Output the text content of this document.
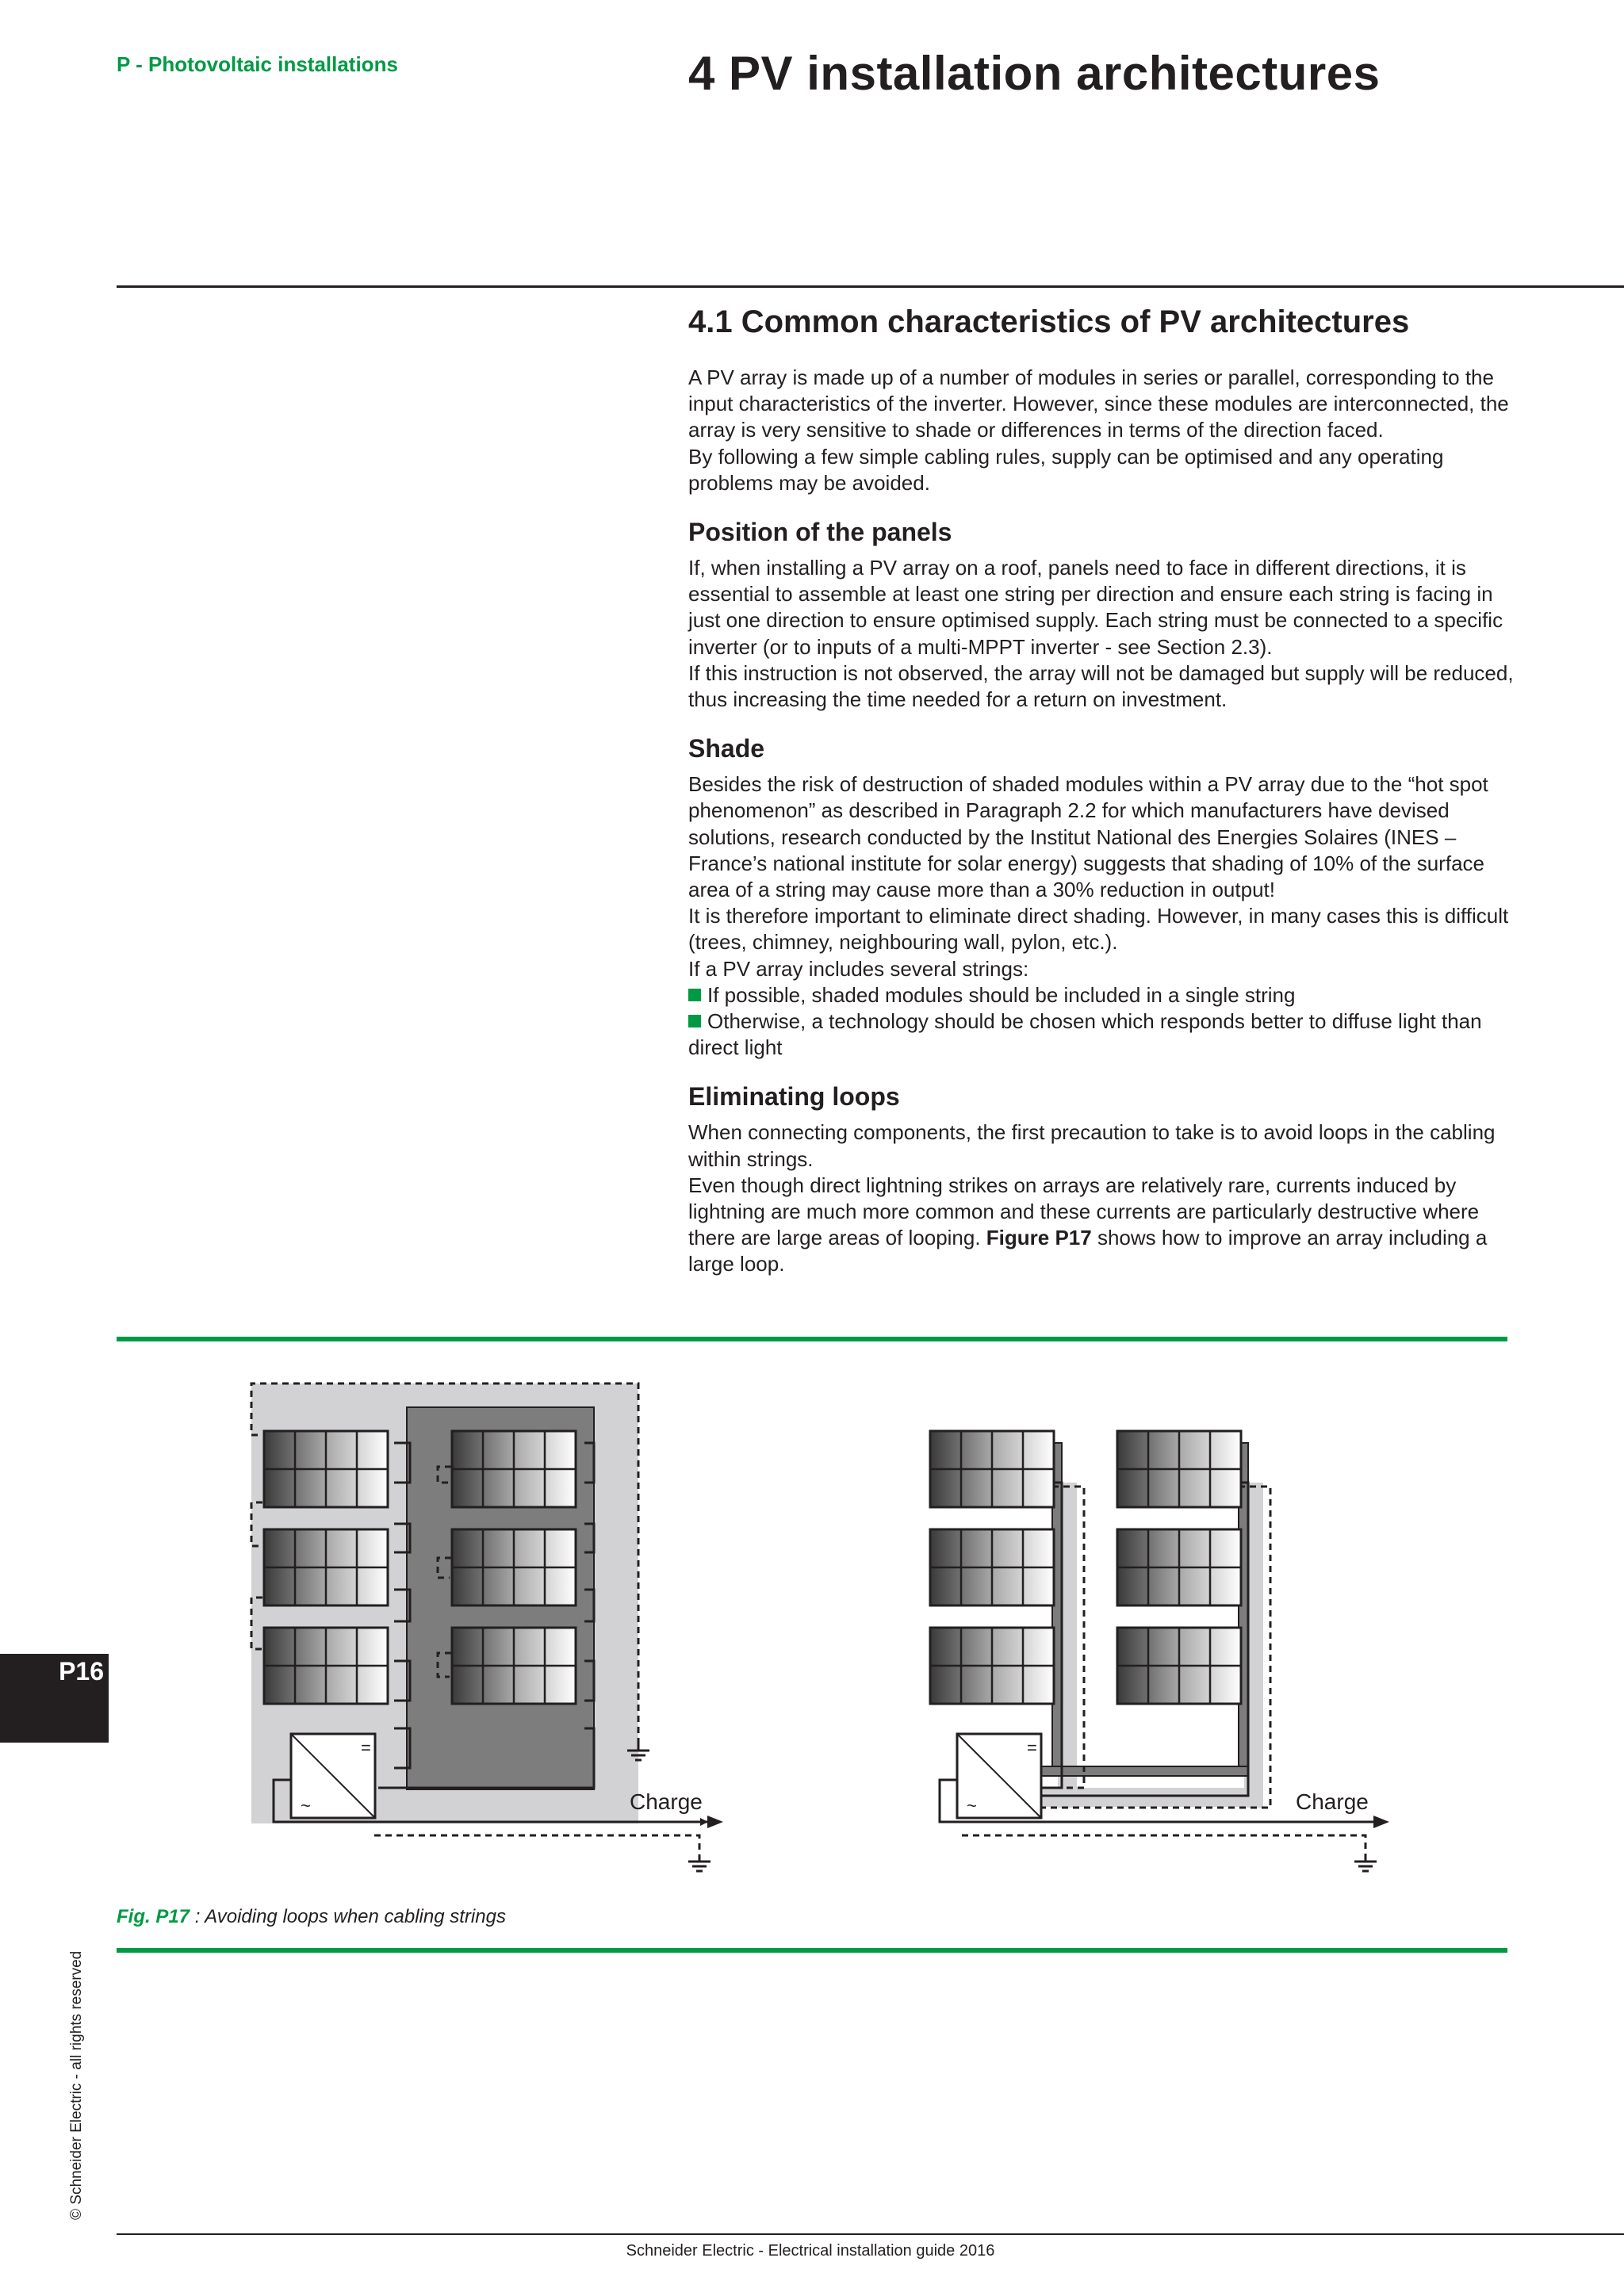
P - Photovoltaic installations	4 PV installation architectures
4.1 Common characteristics of PV architectures

A PV array is made up of a number of modules in series or parallel, corresponding to the input characteristics of the inverter. However, since these modules are interconnected, the array is very sensitive to shade or differences in terms of the direction faced.

By following a few simple cabling rules, supply can be optimised and any operating problems may be avoided.

Position of the panels

If, when installing a PV array on a roof, panels need to face in different directions, it is essential to assemble at least one string per direction and ensure each string is facing in just one direction to ensure optimised supply. Each string must be connected to a specific inverter (or to inputs of a multi-MPPT inverter - see Section 2.3).

If this instruction is not observed, the array will not be damaged but supply will be reduced, thus increasing the time needed for a return on investment.

Shade

Besides the risk of destruction of shaded modules within a PV array due to the “hot spot phenomenon” as described in Paragraph 2.2 for which manufacturers have devised solutions, research conducted by the Institut National des Energies Solaires (INES – France’s national institute for solar energy) suggests that shading of 10% of the surface area of a string may cause more than a 30% reduction in output!

It is therefore important to eliminate direct shading. However, in many cases this is difficult (trees, chimney, neighbouring wall, pylon, etc.).

If a PV array includes several strings:

If possible, shaded modules should be included in a single string

Otherwise, a technology should be chosen which responds better to diffuse light than direct light

Eliminating loops

When connecting components, the first precaution to take is to avoid loops in the cabling within strings.

Even though direct lightning strikes on arrays are relatively rare, currents induced by lightning are much more common and these currents are particularly destructive where there are large areas of looping. Figure P17 shows how to improve an array including a large loop.

=
~	Charge
=
~	Charge
Fig. P17 : Avoiding loops when cabling strings
P16
© Schneider Electric - all rights reserved
Schneider Electric - Electrical installation guide 2016
